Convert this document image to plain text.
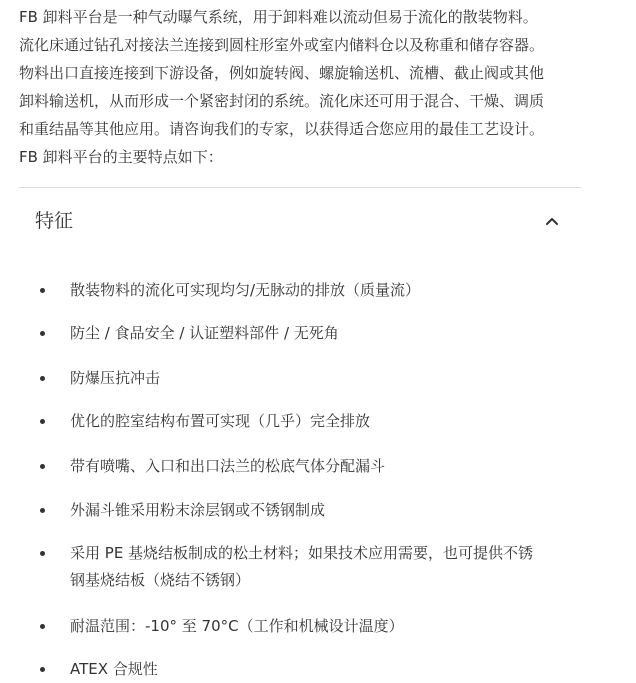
FB 卸料平台是一种气动曝气系统，用于卸料难以流动但易于流化的散装物料。
流化床通过钻孔对接法兰连接到圆柱形室外或室内储料仓以及称重和储存容器。
物料出口直接连接到下游设备，例如旋转阀、螺旋输送机、流槽、截止阀或其他
卸料输送机，从而形成一个紧密封闭的系统。流化床还可用于混合、干燥、调质
和重结晶等其他应用。请咨询我们的专家，以获得适合您应用的最佳工艺设计。
FB 卸料平台的主要特点如下：
特征
散装物料的流化可实现均匀/无脉动的排放（质量流）
防尘 / 食品安全 / 认证塑料部件 / 无死角
防爆压抗冲击
优化的腔室结构布置可实现（几乎）完全排放
带有喷嘴、入口和出口法兰的松底气体分配漏斗
外漏斗锥采用粉末涂层钢或不锈钢制成
采用 PE 基烧结板制成的松土材料；如果技术应用需要，也可提供不锈
钢基烧结板（烧结不锈钢）
耐温范围：-10° 至 70°C（工作和机械设计温度）
ATEX 合规性
